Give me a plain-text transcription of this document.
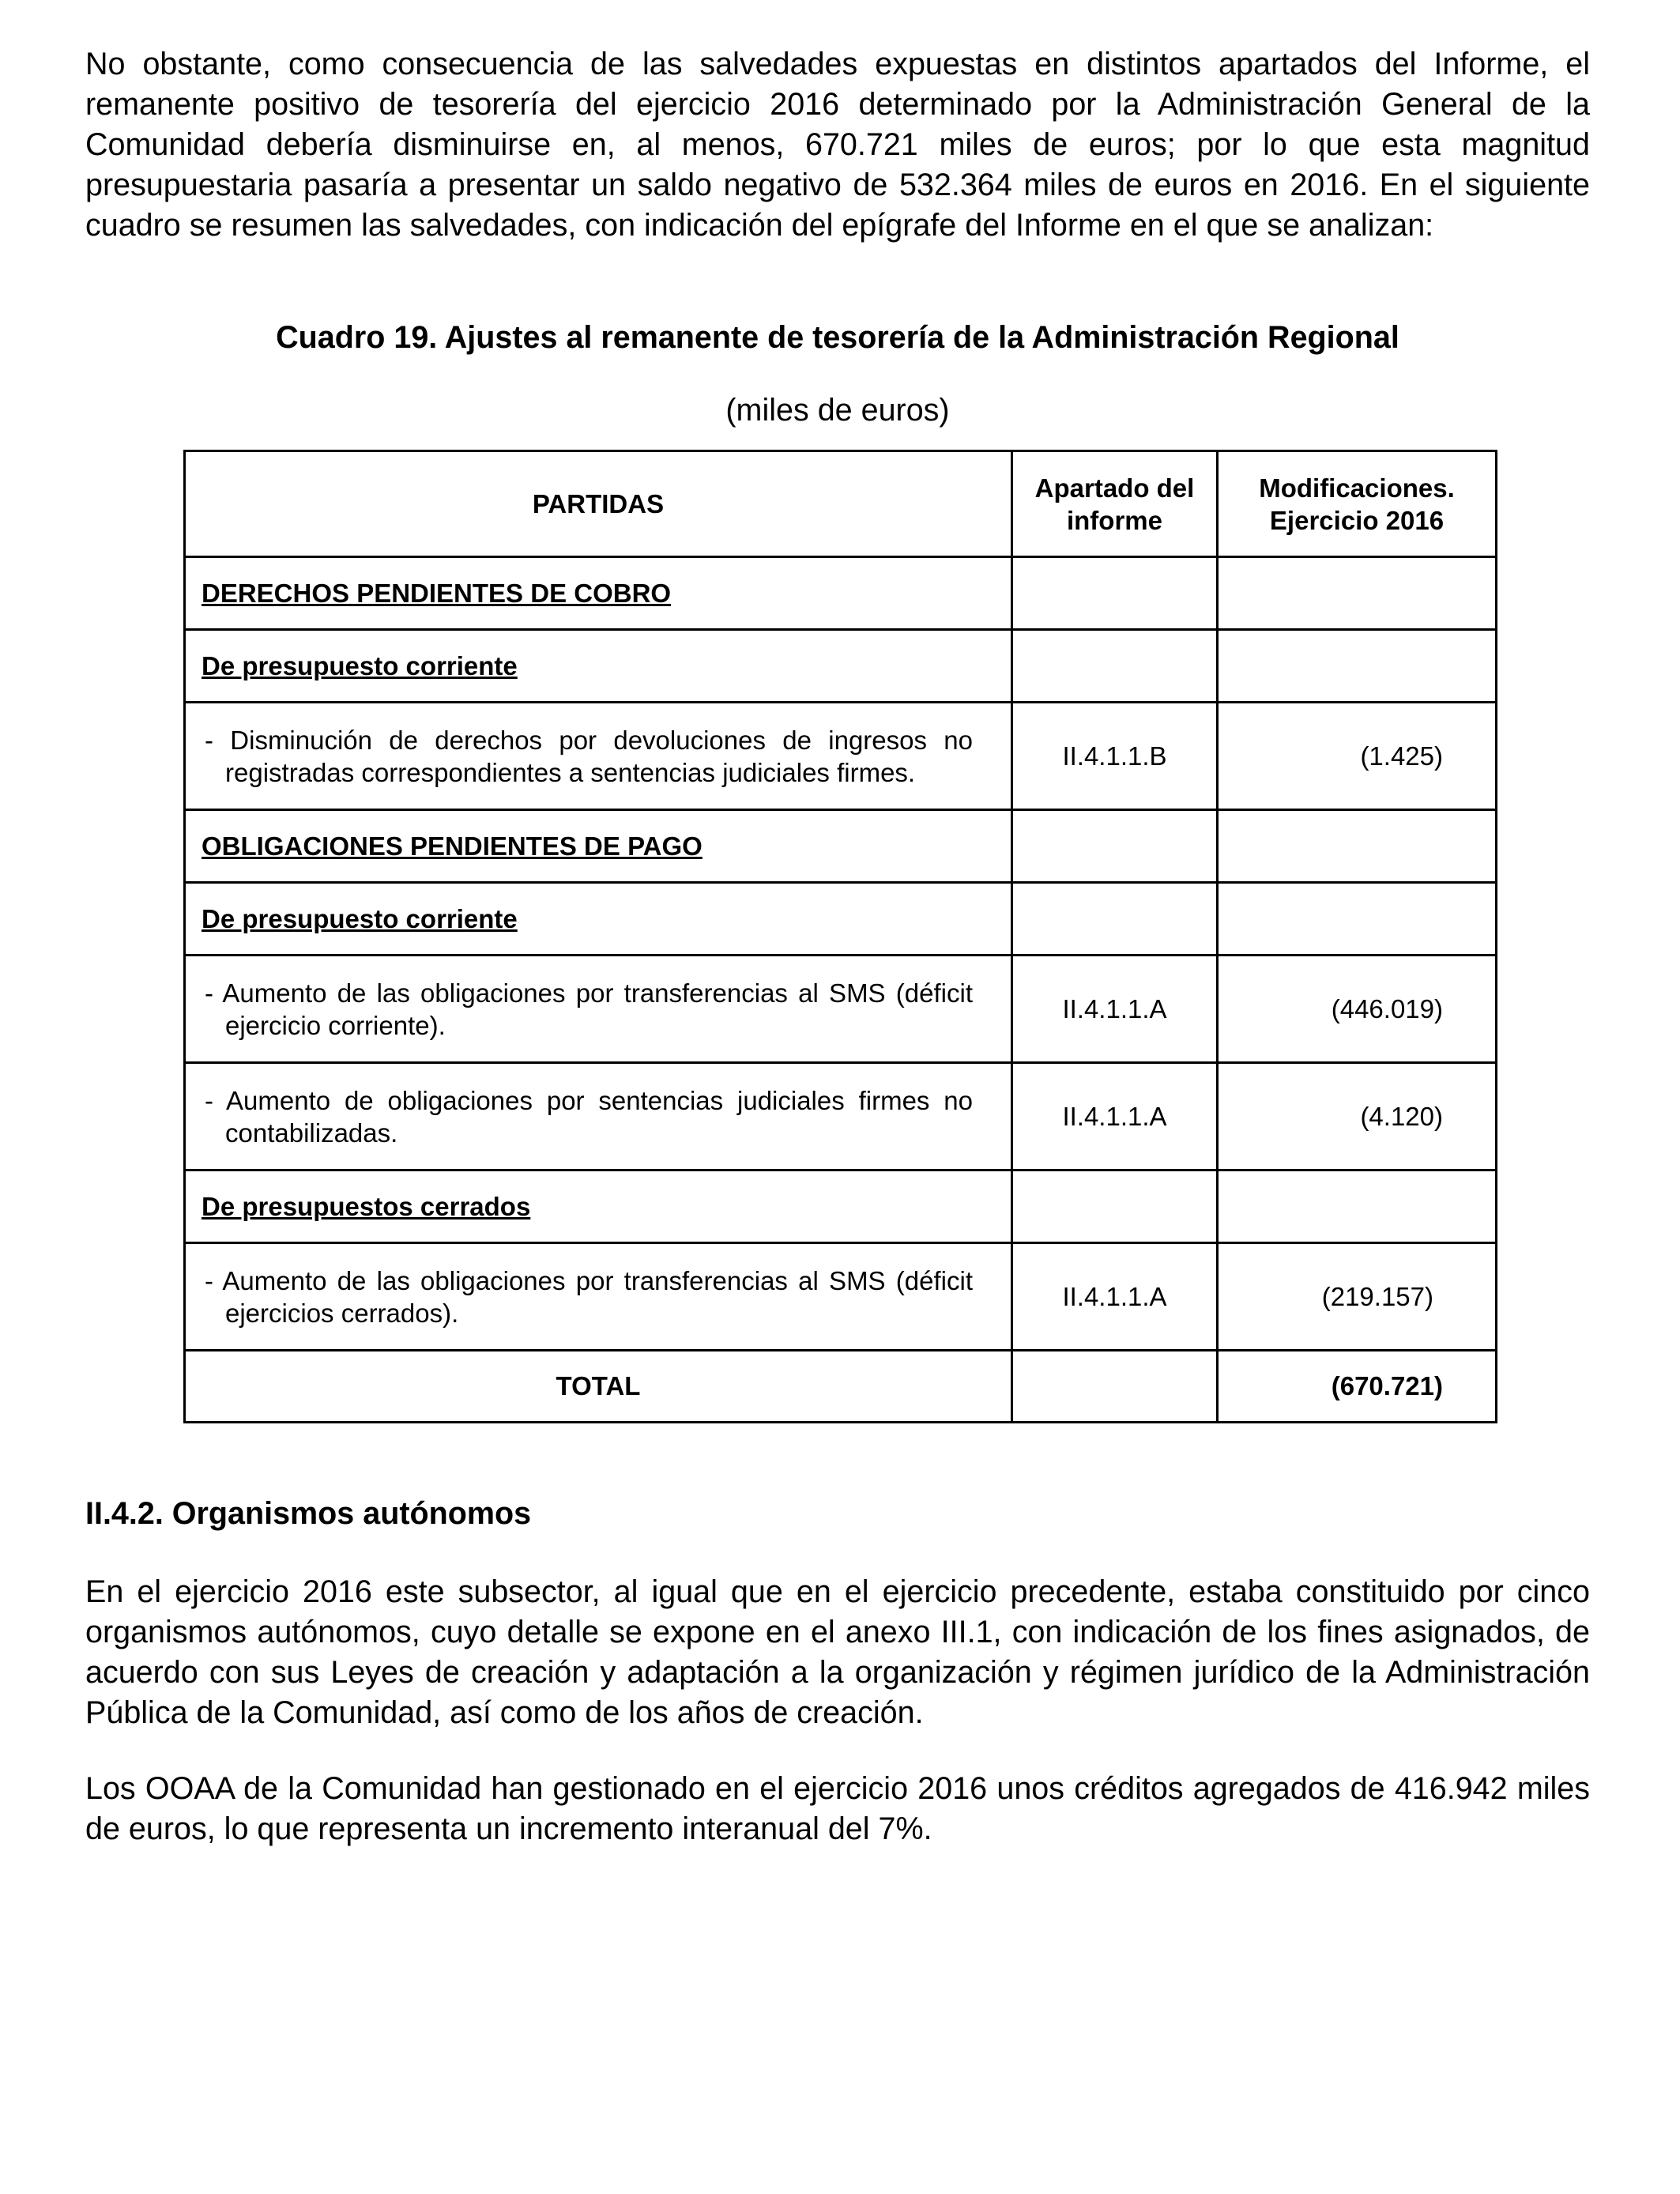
No obstante, como consecuencia de las salvedades expuestas en distintos apartados del Informe, el remanente positivo de tesorería del ejercicio 2016 determinado por la Administración General de la Comunidad debería disminuirse en, al menos, 670.721 miles de euros; por lo que esta magnitud presupuestaria pasaría a presentar un saldo negativo de 532.364 miles de euros en 2016. En el siguiente cuadro se resumen las salvedades, con indicación del epígrafe del Informe en el que se analizan:

Cuadro 19. Ajustes al remanente de tesorería de la Administración Regional

(miles de euros)

PARTIDAS	Apartado del informe	Modificaciones. Ejercicio 2016
DERECHOS PENDIENTES DE COBRO		
De presupuesto corriente		

- Disminución de derechos por devoluciones de ingresos no registradas correspondientes a sentencias judiciales firmes.	II.4.1.1.B	(1.425)
OBLIGACIONES PENDIENTES DE PAGO		
De presupuesto corriente		

- Aumento de las obligaciones por transferencias al SMS (déficit ejercicio corriente).	II.4.1.1.A	(446.019)

- Aumento de obligaciones por sentencias judiciales firmes no contabilizadas.	II.4.1.1.A	(4.120)
De presupuestos cerrados		

- Aumento de las obligaciones por transferencias al SMS (déficit ejercicios cerrados).	II.4.1.1.A	(219.157)
TOTAL		(670.721)
II.4.2. Organismos autónomos

En el ejercicio 2016 este subsector, al igual que en el ejercicio precedente, estaba constituido por cinco organismos autónomos, cuyo detalle se expone en el anexo III.1, con indicación de los fines asignados, de acuerdo con sus Leyes de creación y adaptación a la organización y régimen jurídico de la Administración Pública de la Comunidad, así como de los años de creación.

Los OOAA de la Comunidad han gestionado en el ejercicio 2016 unos créditos agregados de 416.942 miles de euros, lo que representa un incremento interanual del 7%.
